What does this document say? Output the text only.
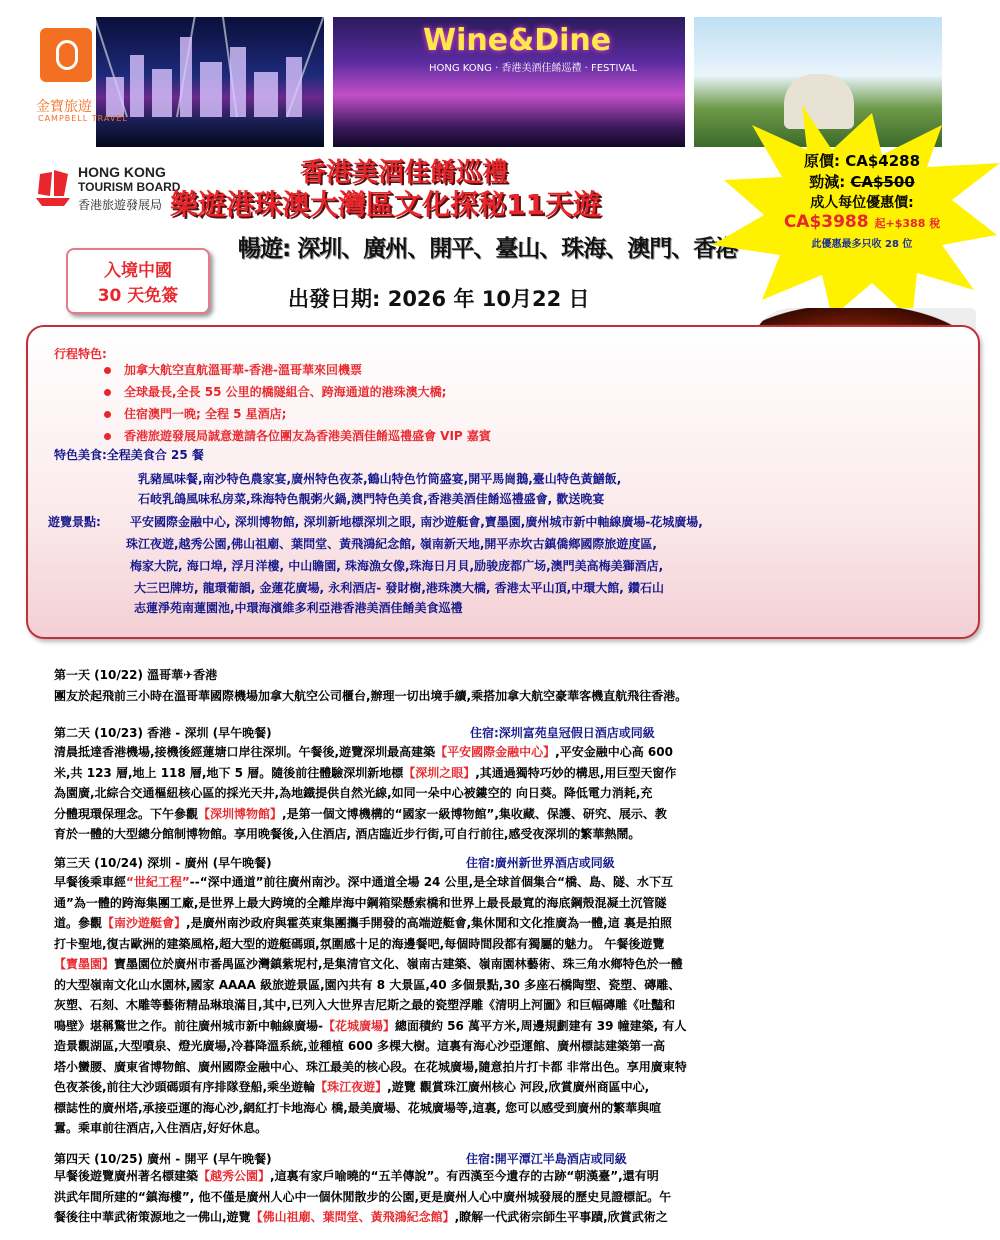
Wine&Dine
HONG KONG · 香港美酒佳餚巡禮 · FESTIVAL
金寶旅遊
CAMPBELL TRAVEL
HONG KONG
TOURISM BOARD
香港旅遊發展局
香港美酒佳餚巡禮
樂遊港珠澳大灣區文化探秘11天遊
暢遊: 深圳、廣州、開平、臺山、珠海、澳門、香港
出發日期: 2026 年 10月22 日
入境中國
30 天免簽
原價: CA$4288
勁減: CA$500
成人每位優惠價:
CA$3988 起+$388 稅
此優惠最多只收 28 位
行程特色:
加拿大航空直航溫哥華-香港-溫哥華來回機票
全球最長,全長 55 公里的橋隧組合、跨海通道的港珠澳大橋;
住宿澳門一晚; 全程 5 星酒店;
香港旅遊發展局誠意邀請各位團友為香港美酒佳餚巡禮盛會 VIP 嘉賓
特色美食:全程美食合 25 餐
乳豬風味餐,南沙特色農家宴,廣州特色夜茶,鶴山特色竹筒盛宴,開平馬崗鵝,臺山特色黃鱔飯,
石岐乳鴿風味私房菜,珠海特色靚粥火鍋,澳門特色美食,香港美酒佳餚巡禮盛會, 歡送晚宴
遊覽景點: 平安國際金融中心, 深圳博物館, 深圳新地標深圳之眼, 南沙遊艇會,寶墨園,廣州城市新中軸線廣場-花城廣場,
珠江夜遊,越秀公園,佛山祖廟、葉問堂、黃飛鴻紀念館, 嶺南新天地,開平赤坎古鎮僑鄉國際旅遊度區,
梅家大院, 海口埠, 浮月洋樓, 中山瞻園, 珠海漁女像,珠海日月貝,励骏庞都广场,澳門美高梅美獅酒店,
大三巴牌坊, 龍環葡韻, 金蓮花廣場, 永利酒店- 發財樹,港珠澳大橋, 香港太平山頂,中環大館, 鑽石山
志蓮淨苑南蓮園池,中環海濱維多利亞港香港美酒佳餚美食巡禮
第一天 (10/22) 溫哥華✈香港
團友於起飛前三小時在溫哥華國際機場加拿大航空公司櫃台,辦理一切出境手續,乘搭加拿大航空豪華客機直航飛往香港。
第二天 (10/23) 香港 - 深圳 (早午晚餐)	住宿:深圳富苑皇冠假日酒店或同級
清晨抵達香港機場,接機後經蓮塘口岸往深圳。午餐後,遊覽深圳最高建築【平安國際金融中心】,平安金融中心高 600
米,共 123 層,地上 118 層,地下 5 層。隨後前往體驗深圳新地標【深圳之眼】,其通過獨特巧妙的構思,用巨型天窗作
為園廣,北綜合交通樞紐核心區的採光天井,為地鐵提供自然光線,如同一朵中心被鏤空的 向日葵。降低電力消耗,充
分體現環保理念。下午參觀【深圳博物館】,是第一個文博機構的“國家一級博物館”,集收藏、保護、研究、展示、教
育於一體的大型總分館制博物館。享用晚餐後,入住酒店, 酒店臨近步行街,可自行前往,感受夜深圳的繁華熱鬧。
第三天 (10/24) 深圳 - 廣州 (早午晚餐)	住宿:廣州新世界酒店或同級
早餐後乘車經“世紀工程”--“深中通道”前往廣州南沙。深中通道全場 24 公里,是全球首個集合“橋、島、隧、水下互
通”為一體的跨海集團工廠,是世界上最大跨境的全離岸海中鋼箱梁懸索橋和世界上最長最寬的海底鋼殼混凝土沉管隧
道。參觀【南沙遊艇會】,是廣州南沙政府與霍英東集團攜手開發的高端遊艇會,集休閒和文化推廣為一體,這 裏是拍照
打卡聖地,復古歐洲的建築風格,超大型的遊艇碼頭,氛圍感十足的海邊餐吧,每個時間段都有獨屬的魅力。 午餐後遊覽
【寶墨園】寶墨園位於廣州市番禺區沙灣鎮紫坭村,是集清官文化、嶺南古建築、嶺南園林藝術、珠三角水鄉特色於一體
的大型嶺南文化山水園林,國家 AAAA 級旅遊景區,園內共有 8 大景區,40 多個景點,30 多座石橋陶塑、瓷塑、磚雕、
灰塑、石刻、木雕等藝術精品琳琅滿目,其中,已列入大世界吉尼斯之最的瓷塑浮雕《清明上河圖》和巨幅磚雕《吐豔和
鳴壁》堪稱驚世之作。前往廣州城市新中軸線廣場-【花城廣場】總面積約 56 萬平方米,周邊規劃建有 39 幢建築, 有人
造景觀湖區,大型噴泉、燈光廣場,冷暮降溫系統,並種植 600 多棵大樹。這裏有海心沙亞運館、廣州標誌建築第一高
塔小蠻腰、廣東省博物館、廣州國際金融中心、珠江最美的核心段。在花城廣場,隨意拍片打卡都 非常出色。享用廣東特
色夜茶後,前往大沙頭碼頭有序排隊登船,乘坐遊輪【珠江夜遊】,遊覽 觀賞珠江廣州核心 河段,欣賞廣州商區中心,
標誌性的廣州塔,承接亞運的海心沙,網紅打卡地海心 橋,最美廣場、花城廣場等,這裏, 您可以感受到廣州的繁華與喧
囂。乘車前往酒店,入住酒店,好好休息。
第四天 (10/25) 廣州 - 開平 (早午晚餐)	住宿:開平潭江半島酒店或同級
早餐後遊覽廣州著名標建築【越秀公園】,這裏有家戶喻曉的“五羊傳說”。有西漢至今遺存的古跡“朝漢臺”,還有明
洪武年間所建的“鎮海樓”, 他不僅是廣州人心中一個休閒散步的公園,更是廣州人心中廣州城發展的歷史見證標記。午
餐後往中華武術策源地之一佛山,遊覽【佛山祖廟、葉問堂、黃飛鴻紀念館】,瞭解一代武術宗師生平事蹟,欣賞武術之
